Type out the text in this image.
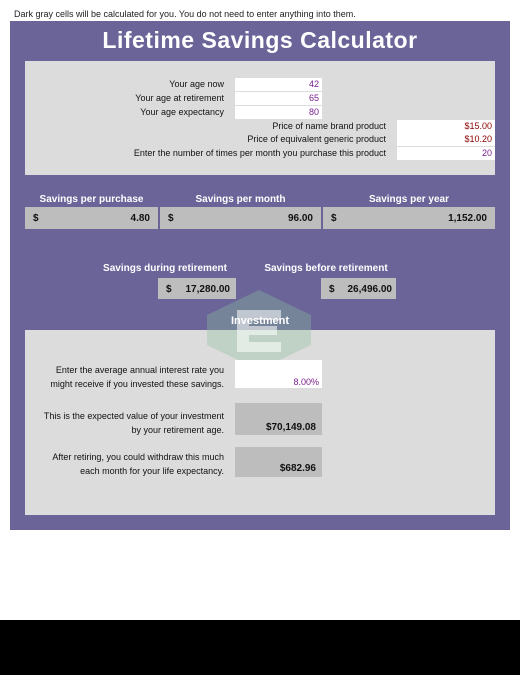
Dark gray cells will be calculated for you. You do not need to enter anything into them.
Lifetime Savings Calculator
Your age now	42
Your age at retirement	65
Your age expectancy	80
Price of name brand product	$15.00
Price of equivalent generic product	$10.20
Enter the number of times per month you purchase this product	20
Savings per purchase
$	4.80
Savings per month
$	96.00
Savings per year
$	1,152.00
Savings during retirement
$ 17,280.00
Savings before retirement
$ 26,496.00
Investment
Enter the average annual interest rate you
might receive if you invested these savings.	8.00%
This is the expected value of your investment
by your retirement age.	$70,149.08
After retiring, you could withdraw this much
each month for your life expectancy.	$682.96
